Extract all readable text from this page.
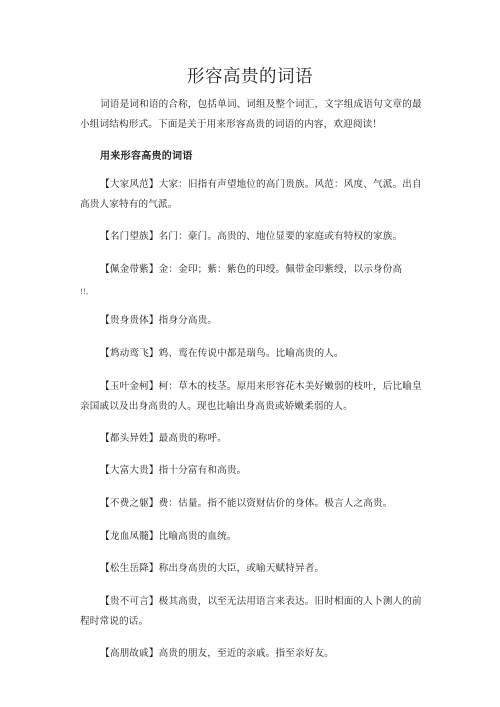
形容高贵的词语
词语是词和语的合称，包括单词、词组及整个词汇，文字组成语句文章的最小组词结构形式。下面是关于用来形容高贵的词语的内容，欢迎阅读！
用来形容高贵的词语
【大家风范】大家：旧指有声望地位的高门贵族。风范：风度、气派。出自高贵人家特有的气派。
【名门望族】名门：豪门。高贵的、地位显要的家庭或有特权的家族。
【佩金带紫】金：金印；紫：紫色的印绶。佩带金印紫绶，以示身份高
!!。
【贵身贵体】指身分高贵。
【鸩动鸾飞】鸩、鸾在传说中都是瑞鸟。比喻高贵的人。
【玉叶金柯】柯：草木的枝茎。原用来形容花木美好嫩弱的枝叶，后比喻皇亲国戚以及出身高贵的人。现也比喻出身高贵或娇嫩柔弱的人。
【都头异姓】最高贵的称呼。
【大富大贵】指十分富有和高贵。
【不费之躯】费：估量。指不能以资财估价的身体。极言人之高贵。
【龙血凤髓】比喻高贵的血统。
【松生岳降】称出身高贵的大臣，或喻天赋特异者。
【贵不可言】极其高贵，以至无法用语言来表达。旧时相面的人卜测人的前程时常说的话。
【高朋故戚】高贵的朋友，至近的亲戚。指至亲好友。
